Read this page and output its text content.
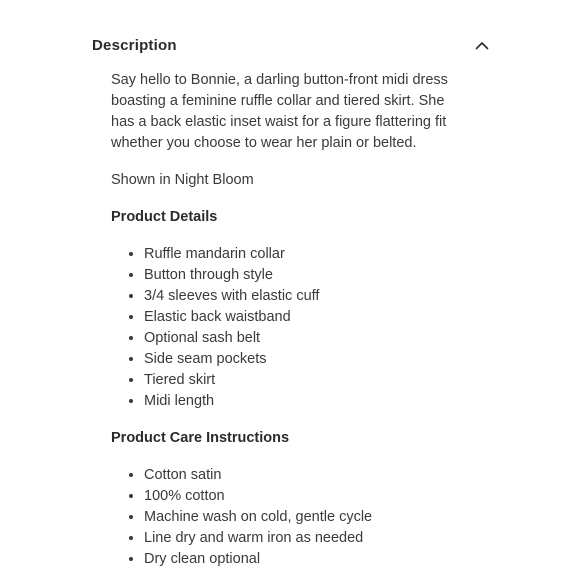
Description

Say hello to Bonnie, a darling button-front midi dress boasting a feminine ruffle collar and tiered skirt. She has a back elastic inset waist for a figure flattering fit whether you choose to wear her plain or belted.

Shown in Night Bloom

Product Details

• Ruffle mandarin collar
• Button through style
• 3/4 sleeves with elastic cuff
• Elastic back waistband
• Optional sash belt
• Side seam pockets
• Tiered skirt
• Midi length

Product Care Instructions

• Cotton satin
• 100% cotton
• Machine wash on cold, gentle cycle
• Line dry and warm iron as needed
• Dry clean optional
